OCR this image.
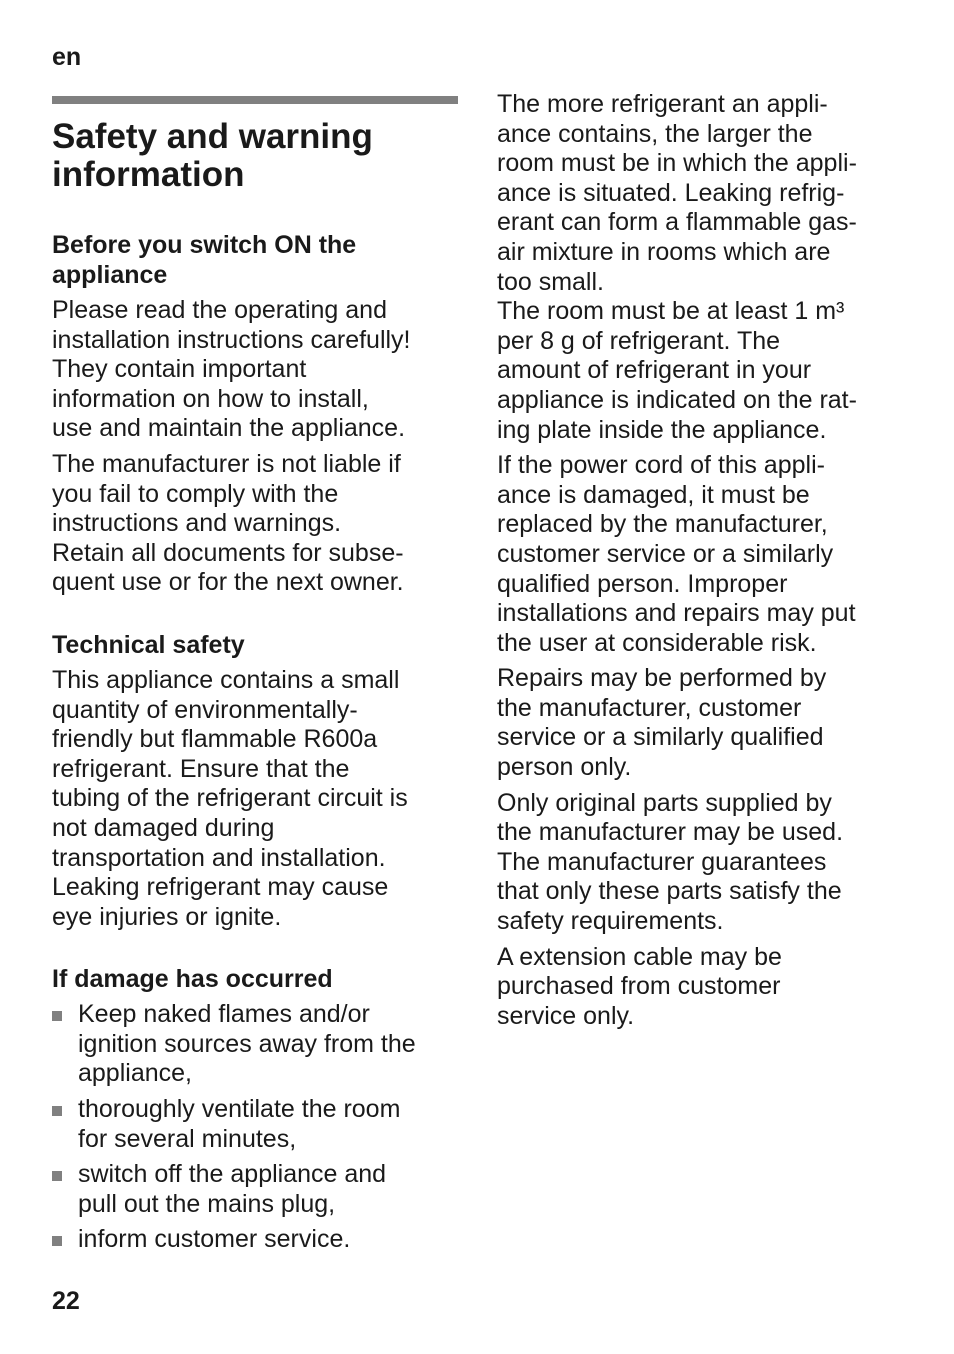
en
Safety and warning
information
Before you switch ON the
appliance

Please read the operating and
installation instructions carefully!
They contain important
information on how to install,
use and maintain the appliance.

The manufacturer is not liable if
you fail to comply with the
instructions and warnings.
Retain all documents for subse-
quent use or for the next owner.

Technical safety

This appliance contains a small
quantity of environmentally-
friendly but flammable R600a
refrigerant. Ensure that the
tubing of the refrigerant circuit is
not damaged during
transportation and installation.
Leaking refrigerant may cause
eye injuries or ignite.

If damage has occurred
Keep naked flames and/or
ignition sources away from the
appliance,
thoroughly ventilate the room
for several minutes,
switch off the appliance and
pull out the mains plug,
inform customer service.

The more refrigerant an appli-
ance contains, the larger the
room must be in which the appli-
ance is situated. Leaking refrig-
erant can form a flammable gas-
air mixture in rooms which are
too small.
The room must be at least 1 m³
per 8 g of refrigerant. The
amount of refrigerant in your
appliance is indicated on the rat-
ing plate inside the appliance.

If the power cord of this appli-
ance is damaged, it must be
replaced by the manufacturer,
customer service or a similarly
qualified person. Improper
installations and repairs may put
the user at considerable risk.

Repairs may be performed by
the manufacturer, customer
service or a similarly qualified
person only.

Only original parts supplied by
the manufacturer may be used.
The manufacturer guarantees
that only these parts satisfy the
safety requirements.

A extension cable may be
purchased from customer
service only.

22
